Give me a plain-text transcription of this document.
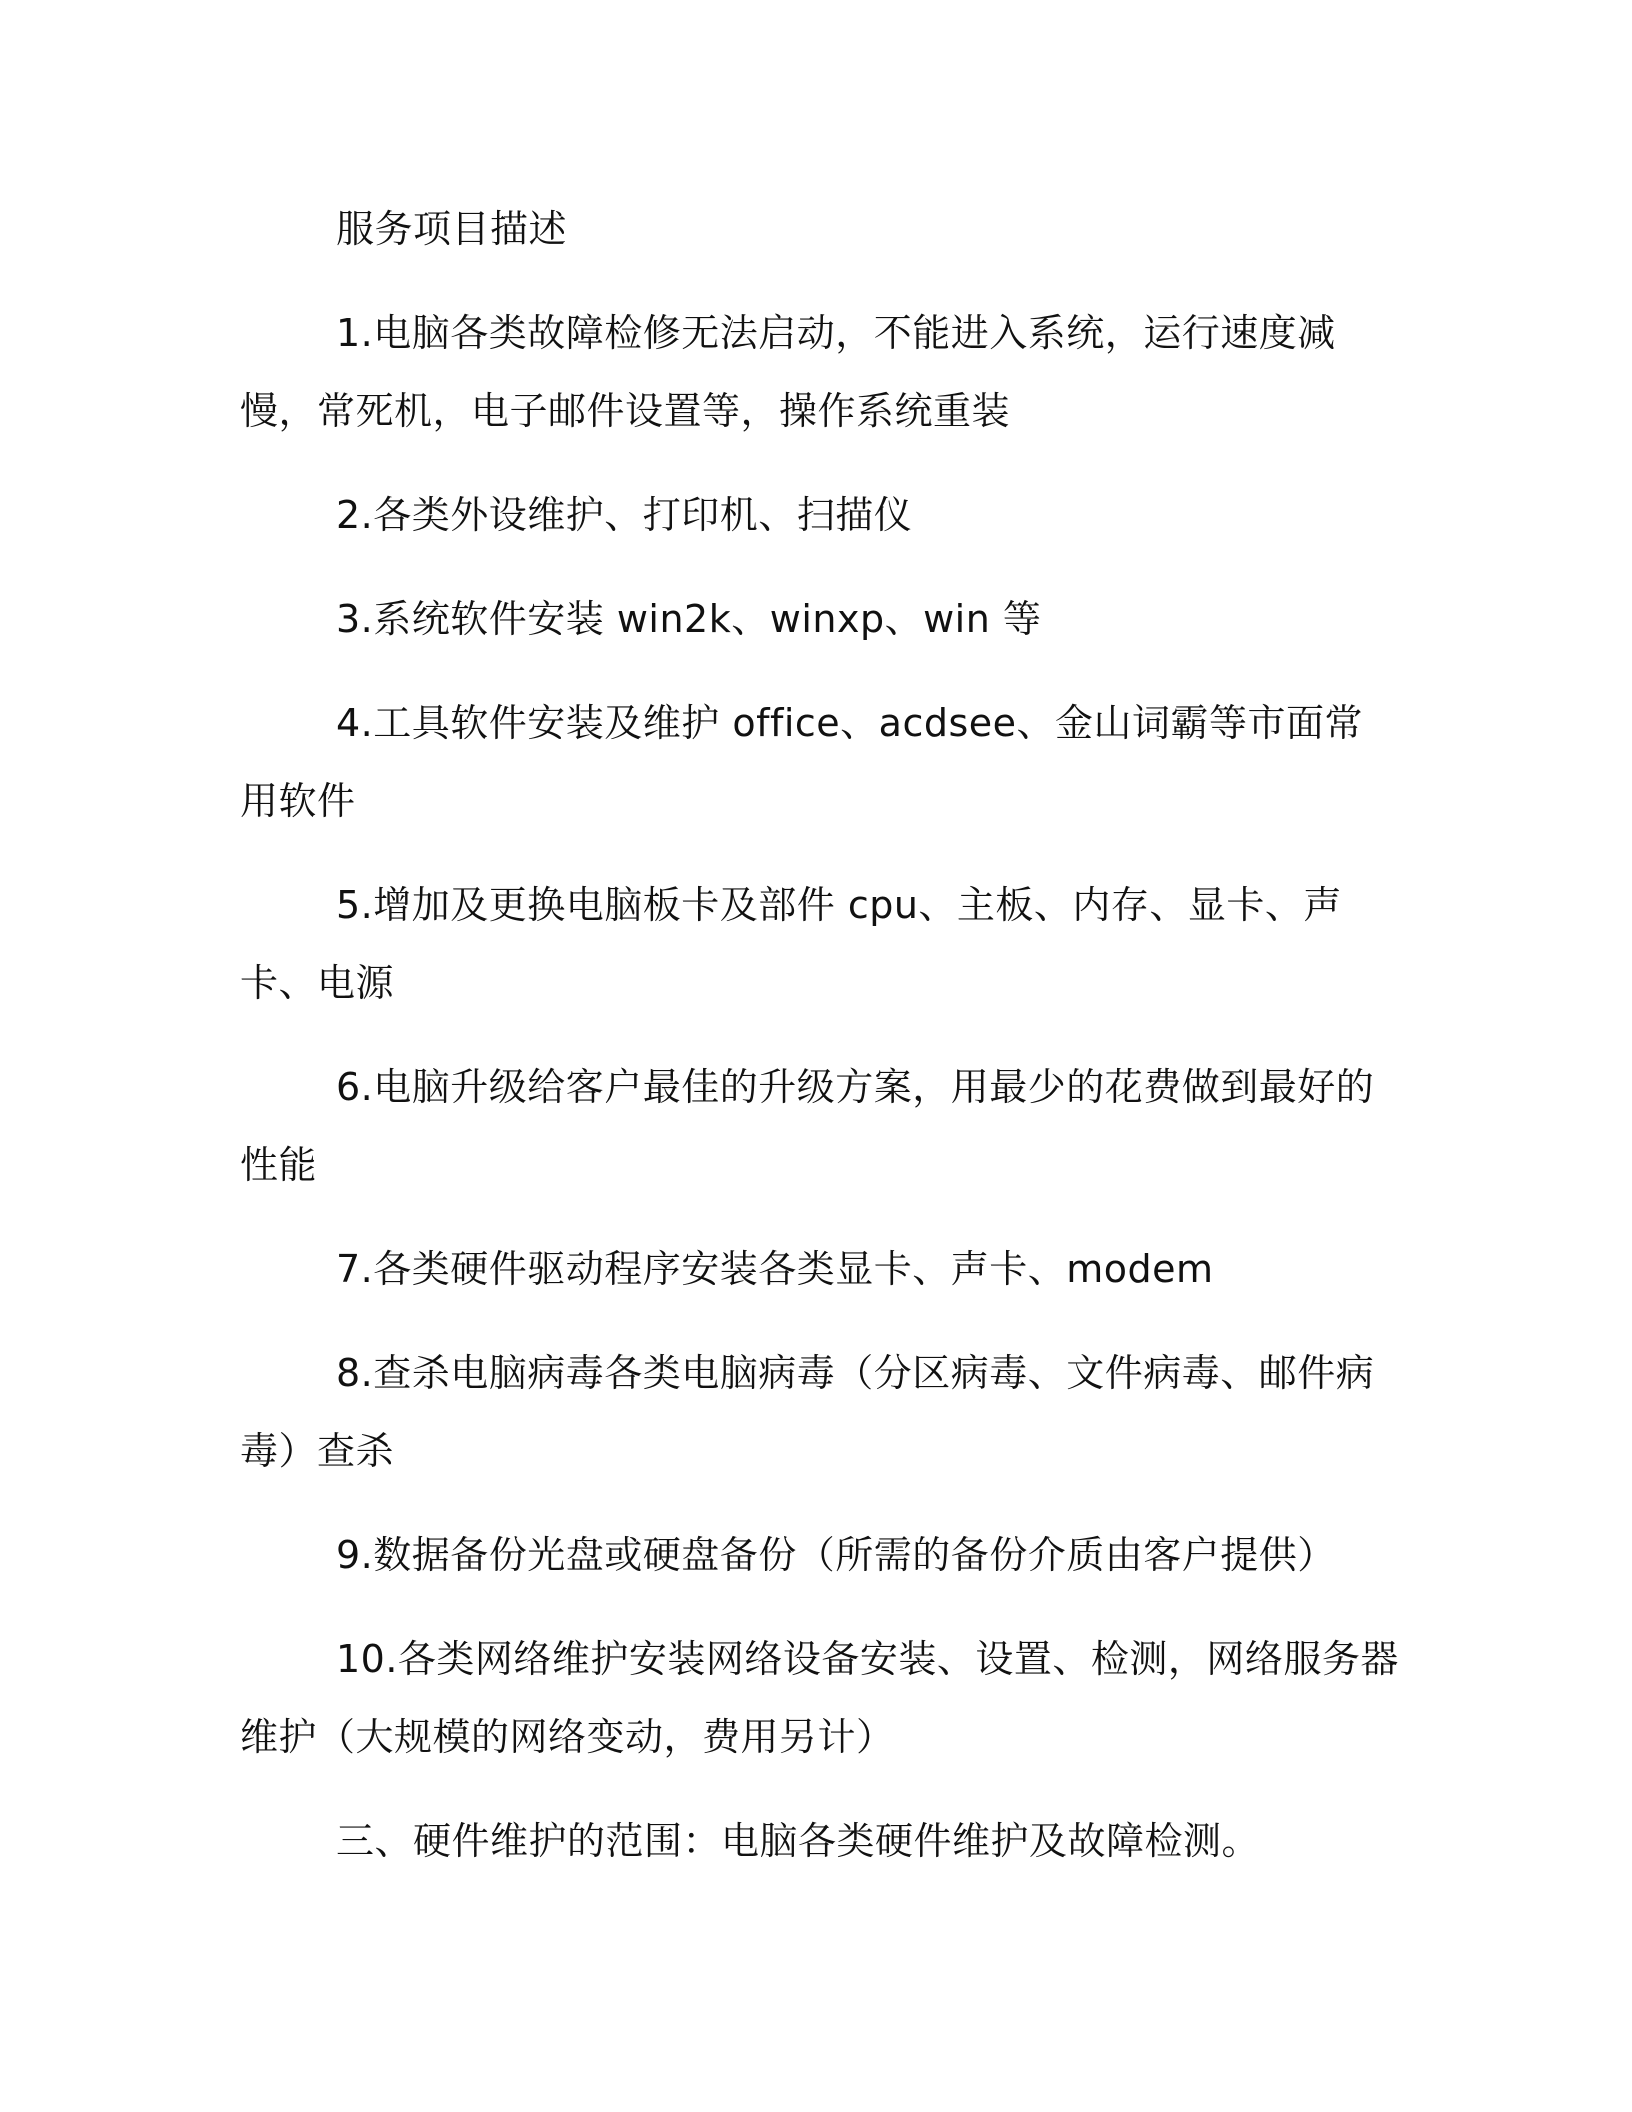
服务项目描述

1.电脑各类故障检修无法启动，不能进入系统，运行速度减慢，常死机，电子邮件设置等，操作系统重装

2.各类外设维护、打印机、扫描仪

3.系统软件安装 win2k、winxp、win 等

4.工具软件安装及维护 office、acdsee、金山词霸等市面常用软件

5.增加及更换电脑板卡及部件 cpu、主板、内存、显卡、声卡、电源

6.电脑升级给客户最佳的升级方案，用最少的花费做到最好的性能

7.各类硬件驱动程序安装各类显卡、声卡、modem

8.查杀电脑病毒各类电脑病毒（分区病毒、文件病毒、邮件病毒）查杀

9.数据备份光盘或硬盘备份（所需的备份介质由客户提供）

10.各类网络维护安装网络设备安装、设置、检测，网络服务器维护（大规模的网络变动，费用另计）

三、硬件维护的范围：电脑各类硬件维护及故障检测。
